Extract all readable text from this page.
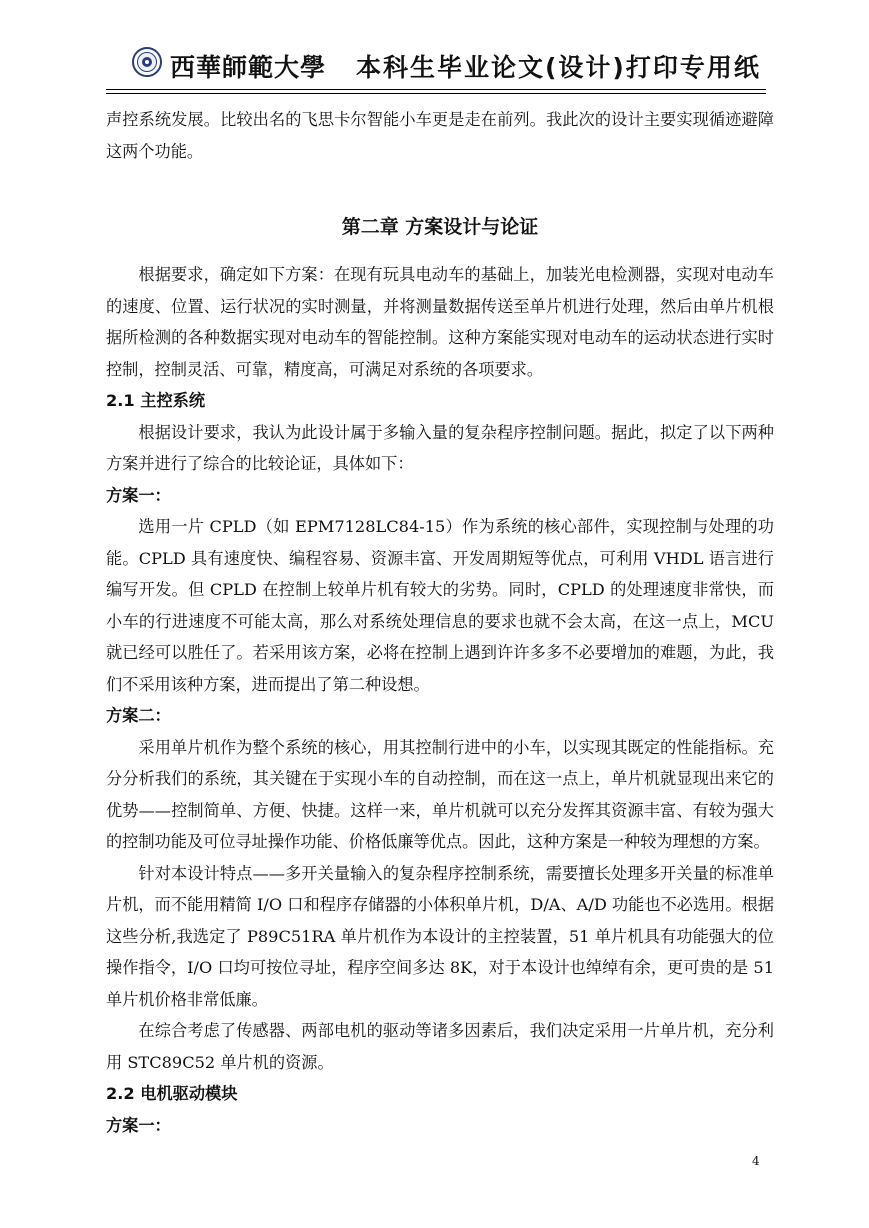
西華師範大學 本科生毕业论文(设计)打印专用纸

声控系统发展。比较出名的飞思卡尔智能小车更是走在前列。我此次的设计主要实现循迹避障这两个功能。

第二章 方案设计与论证

根据要求，确定如下方案：在现有玩具电动车的基础上，加装光电检测器，实现对电动车的速度、位置、运行状况的实时测量，并将测量数据传送至单片机进行处理，然后由单片机根据所检测的各种数据实现对电动车的智能控制。这种方案能实现对电动车的运动状态进行实时控制，控制灵活、可靠，精度高，可满足对系统的各项要求。

2.1 主控系统

根据设计要求，我认为此设计属于多输入量的复杂程序控制问题。据此，拟定了以下两种方案并进行了综合的比较论证，具体如下：

方案一：

选用一片 CPLD（如 EPM7128LC84-15）作为系统的核心部件，实现控制与处理的功能。CPLD 具有速度快、编程容易、资源丰富、开发周期短等优点，可利用 VHDL 语言进行编写开发。但 CPLD 在控制上较单片机有较大的劣势。同时，CPLD 的处理速度非常快，而小车的行进速度不可能太高，那么对系统处理信息的要求也就不会太高，在这一点上，MCU 就已经可以胜任了。若采用该方案，必将在控制上遇到许许多多不必要增加的难题，为此，我们不采用该种方案，进而提出了第二种设想。

方案二：

采用单片机作为整个系统的核心，用其控制行进中的小车，以实现其既定的性能指标。充分分析我们的系统，其关键在于实现小车的自动控制，而在这一点上，单片机就显现出来它的优势——控制简单、方便、快捷。这样一来，单片机就可以充分发挥其资源丰富、有较为强大的控制功能及可位寻址操作功能、价格低廉等优点。因此，这种方案是一种较为理想的方案。

针对本设计特点——多开关量输入的复杂程序控制系统，需要擅长处理多开关量的标准单片机，而不能用精简 I/O 口和程序存储器的小体积单片机，D/A、A/D 功能也不必选用。根据这些分析,我选定了 P89C51RA 单片机作为本设计的主控装置，51 单片机具有功能强大的位操作指令，I/O 口均可按位寻址，程序空间多达 8K，对于本设计也绰绰有余，更可贵的是 51 单片机价格非常低廉。

在综合考虑了传感器、两部电机的驱动等诸多因素后，我们决定采用一片单片机，充分利用 STC89C52 单片机的资源。

2.2 电机驱动模块
方案一：
4
